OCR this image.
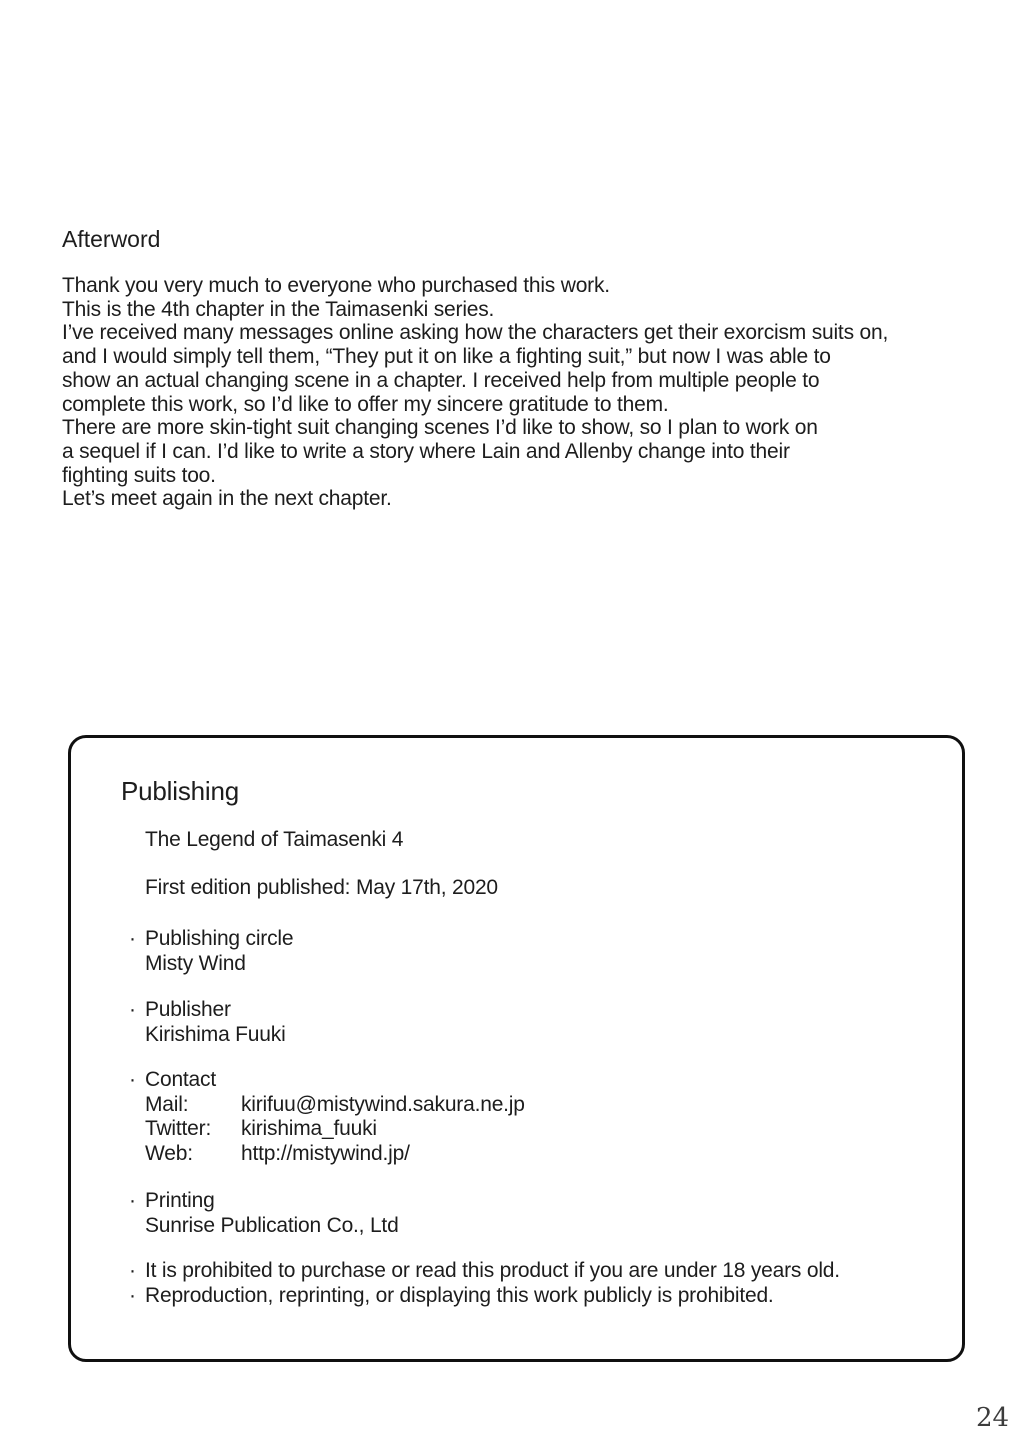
Afterword
Thank you very much to everyone who purchased this work.
This is the 4th chapter in the Taimasenki series.
I’ve received many messages online asking how the characters get their exorcism suits on,
and I would simply tell them, “They put it on like a fighting suit,” but now I was able to
show an actual changing scene in a chapter. I received help from multiple people to
complete this work, so I’d like to offer my sincere gratitude to them.
There are more skin-tight suit changing scenes I’d like to show, so I plan to work on
a sequel if I can. I’d like to write a story where Lain and Allenby change into their
fighting suits too.
Let’s meet again in the next chapter.
Publishing
The Legend of Taimasenki 4
First edition published: May 17th, 2020
· Publishing circle
Misty Wind
· Publisher
Kirishima Fuuki
· Contact
Mail:	kirifuu@mistywind.sakura.ne.jp
Twitter: kirishima_fuuki
Web: http://mistywind.jp/
· Printing
Sunrise Publication Co., Ltd
· It is prohibited to purchase or read this product if you are under 18 years old.
· Reproduction, reprinting, or displaying this work publicly is prohibited.
24
